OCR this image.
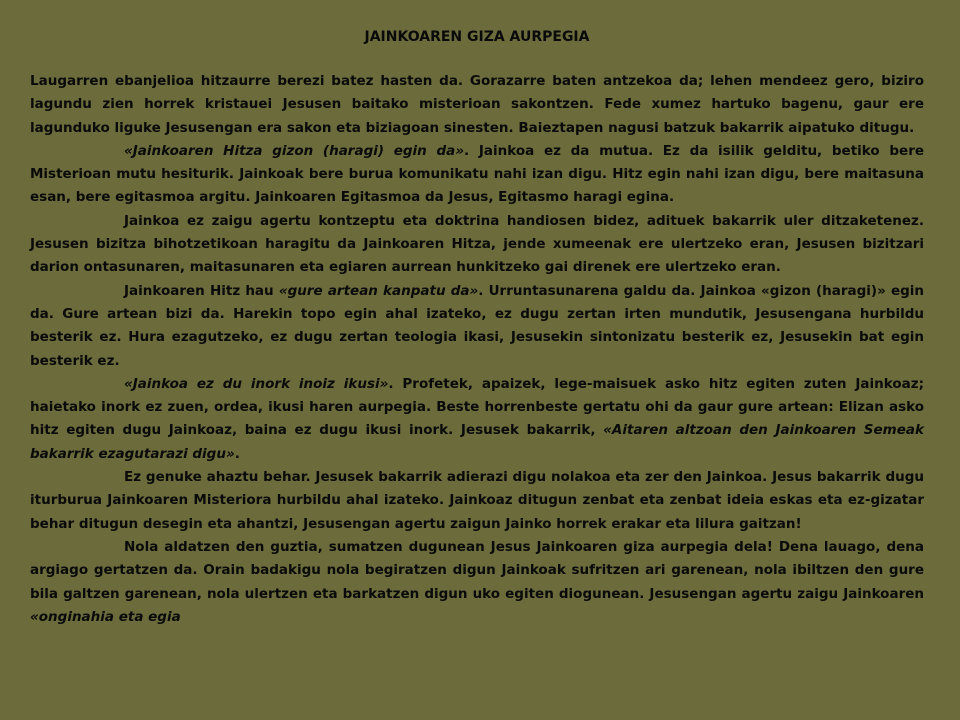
JAINKOAREN GIZA AURPEGIA

Laugarren ebanjelioa hitzaurre berezi batez hasten da. Gorazarre baten antzekoa da; lehen mendeez gero, biziro lagundu zien horrek kristauei Jesusen baitako misterioan sakontzen. Fede xumez hartuko bagenu, gaur ere lagunduko liguke Jesusengan era sakon eta biziagoan sinesten. Baieztapen nagusi batzuk bakarrik aipatuko ditugu.

«Jainkoaren Hitza gizon (haragi) egin da». Jainkoa ez da mutua. Ez da isilik gelditu, betiko bere Misterioan mutu hesiturik. Jainkoak bere burua komunikatu nahi izan digu. Hitz egin nahi izan digu, bere maitasuna esan, bere egitasmoa argitu. Jainkoaren Egitasmoa da Jesus, Egitasmo haragi egina.

Jainkoa ez zaigu agertu kontzeptu eta doktrina handiosen bidez, adituek bakarrik uler ditzaketenez. Jesusen bizitza bihotzetikoan haragitu da Jainkoaren Hitza, jende xumeenak ere ulertzeko eran, Jesusen bizitzari darion ontasunaren, maitasunaren eta egiaren aurrean hunkitzeko gai direnek ere ulertzeko eran.

Jainkoaren Hitz hau «gure artean kanpatu da». Urruntasunarena galdu da. Jainkoa «gizon (haragi)» egin da. Gure artean bizi da. Harekin topo egin ahal izateko, ez dugu zertan irten mundutik, Jesusengana hurbildu besterik ez. Hura ezagutzeko, ez dugu zertan teologia ikasi, Jesusekin sintonizatu besterik ez, Jesusekin bat egin besterik ez.

«Jainkoa ez du inork inoiz ikusi». Profetek, apaizek, lege-maisuek asko hitz egiten zuten Jainkoaz; haietako inork ez zuen, ordea, ikusi haren aurpegia. Beste horrenbeste gertatu ohi da gaur gure artean: Elizan asko hitz egiten dugu Jainkoaz, baina ez dugu ikusi inork. Jesusek bakarrik, «Aitaren altzoan den Jainkoaren Semeak bakarrik ezagutarazi digu».

Ez genuke ahaztu behar. Jesusek bakarrik adierazi digu nolakoa eta zer den Jainkoa. Jesus bakarrik dugu iturburua Jainkoaren Misteriora hurbildu ahal izateko. Jainkoaz ditugun zenbat eta zenbat ideia eskas eta ez-gizatar behar ditugun desegin eta ahantzi, Jesusengan agertu zaigun Jainko horrek erakar eta lilura gaitzan!

Nola aldatzen den guztia, sumatzen dugunean Jesus Jainkoaren giza aurpegia dela! Dena lauago, dena argiago gertatzen da. Orain badakigu nola begiratzen digun Jainkoak sufritzen ari garenean, nola ibiltzen den gure bila galtzen garenean, nola ulertzen eta barkatzen digun uko egiten diogunean. Jesusengan agertu zaigu Jainkoaren «onginahia eta egia
